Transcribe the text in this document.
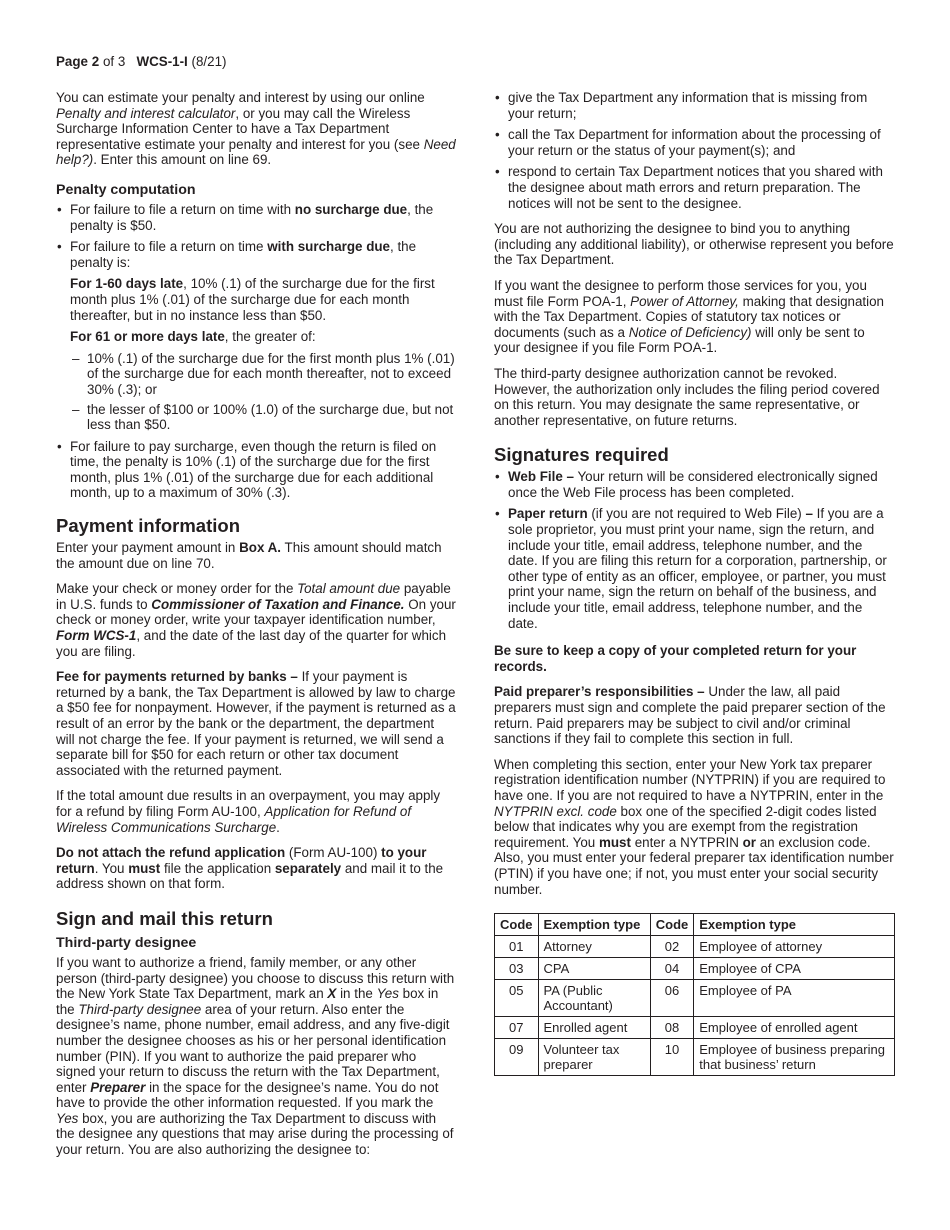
Page 2 of 3 WCS-1-I (8/21)

You can estimate your penalty and interest by using our online Penalty and interest calculator, or you may call the Wireless Surcharge Information Center to have a Tax Department representative estimate your penalty and interest for you (see Need help?). Enter this amount on line 69.

Penalty computation
• For failure to file a return on time with no surcharge due, the penalty is $50.
• For failure to file a return on time with surcharge due, the penalty is:
For 1-60 days late, 10% (.1) of the surcharge due for the first month plus 1% (.01) of the surcharge due for each month thereafter, but in no instance less than $50.
For 61 or more days late, the greater of:
– 10% (.1) of the surcharge due for the first month plus 1% (.01) of the surcharge due for each month thereafter, not to exceed 30% (.3); or
– the lesser of $100 or 100% (1.0) of the surcharge due, but not less than $50.
• For failure to pay surcharge, even though the return is filed on time, the penalty is 10% (.1) of the surcharge due for the first month, plus 1% (.01) of the surcharge due for each additional month, up to a maximum of 30% (.3).
Payment information

Enter your payment amount in Box A. This amount should match the amount due on line 70.

Make your check or money order for the Total amount due payable in U.S. funds to Commissioner of Taxation and Finance. On your check or money order, write your taxpayer identification number, Form WCS-1, and the date of the last day of the quarter for which you are filing.

Fee for payments returned by banks – If your payment is returned by a bank, the Tax Department is allowed by law to charge a $50 fee for nonpayment. However, if the payment is returned as a result of an error by the bank or the department, the department will not charge the fee. If your payment is returned, we will send a separate bill for $50 for each return or other tax document associated with the returned payment.

If the total amount due results in an overpayment, you may apply for a refund by filing Form AU-100, Application for Refund of Wireless Communications Surcharge.

Do not attach the refund application (Form AU-100) to your return. You must file the application separately and mail it to the address shown on that form.

Sign and mail this return
Third-party designee

If you want to authorize a friend, family member, or any other person (third-party designee) you choose to discuss this return with the New York State Tax Department, mark an X in the Yes box in the Third-party designee area of your return. Also enter the designee’s name, phone number, email address, and any five-digit number the designee chooses as his or her personal identification number (PIN). If you want to authorize the paid preparer who signed your return to discuss the return with the Tax Department, enter Preparer in the space for the designee’s name. You do not have to provide the other information requested. If you mark the Yes box, you are authorizing the Tax Department to discuss with the designee any questions that may arise during the processing of your return. You are also authorizing the designee to:

• give the Tax Department any information that is missing from your return;
• call the Tax Department for information about the processing of your return or the status of your payment(s); and
• respond to certain Tax Department notices that you shared with the designee about math errors and return preparation. The notices will not be sent to the designee.

You are not authorizing the designee to bind you to anything (including any additional liability), or otherwise represent you before the Tax Department.

If you want the designee to perform those services for you, you must file Form POA-1, Power of Attorney, making that designation with the Tax Department. Copies of statutory tax notices or documents (such as a Notice of Deficiency) will only be sent to your designee if you file Form POA-1.

The third-party designee authorization cannot be revoked. However, the authorization only includes the filing period covered on this return. You may designate the same representative, or another representative, on future returns.

Signatures required
• Web File – Your return will be considered electronically signed once the Web File process has been completed.
• Paper return (if you are not required to Web File) – If you are a sole proprietor, you must print your name, sign the return, and include your title, email address, telephone number, and the date. If you are filing this return for a corporation, partnership, or other type of entity as an officer, employee, or partner, you must print your name, sign the return on behalf of the business, and include your title, email address, telephone number, and the date.

Be sure to keep a copy of your completed return for your records.

Paid preparer’s responsibilities – Under the law, all paid preparers must sign and complete the paid preparer section of the return. Paid preparers may be subject to civil and/or criminal sanctions if they fail to complete this section in full.

When completing this section, enter your New York tax preparer registration identification number (NYTPRIN) if you are required to have one. If you are not required to have a NYTPRIN, enter in the NYTPRIN excl. code box one of the specified 2-digit codes listed below that indicates why you are exempt from the registration requirement. You must enter a NYTPRIN or an exclusion code. Also, you must enter your federal preparer tax identification number (PTIN) if you have one; if not, you must enter your social security number.

Code	Exemption type	Code	Exemption type
01	Attorney	02	Employee of attorney
03	CPA	04	Employee of CPA
05	PA (Public Accountant)	06	Employee of PA
07	Enrolled agent	08	Employee of enrolled agent
09	Volunteer tax preparer	10	Employee of business preparing that business’ return
